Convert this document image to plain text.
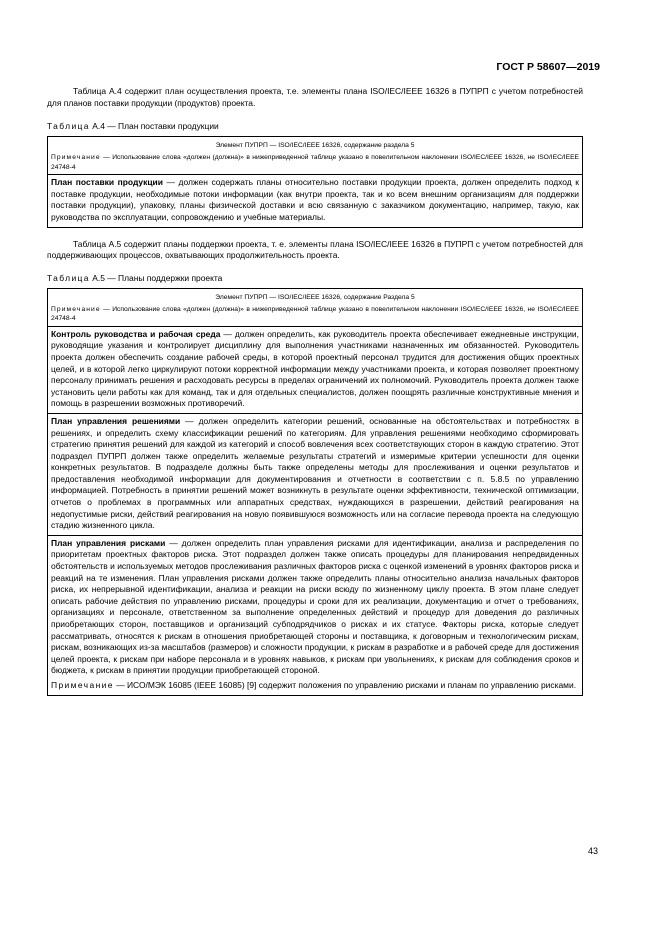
ГОСТ Р 58607—2019

Таблица A.4 содержит план осуществления проекта, т.е. элементы плана ISO/IEC/IEEE 16326 в ПУПРП с учетом потребностей для планов поставки продукции (продуктов) проекта.

Таблица A.4 — План поставки продукции

Элемент ПУПРП — ISO/IEC/IEEE 16326, содержание раздела 5
Примечание — Использование слова «должен (должна)» в нижеприведенной таблице указано в повелительном наклонении ISO/IEC/IEEE 16326, не ISO/IEC/IEEE 24748-4

План поставки продукции — должен содержать планы относительно поставки продукции проекта, должен определить подход к поставке продукции, необходимые потоки информации (как внутри проекта, так и ко всем внешним организациям для поддержки поставки продукции), упаковку, планы физической доставки и всю связанную с заказчиком документацию, например, такую, как руководства по эксплуатации, сопровождению и учебные материалы.

Таблица A.5 содержит планы поддержки проекта, т. е. элементы плана ISO/IEC/IEEE 16326 в ПУПРП с учетом потребностей для поддерживающих процессов, охватывающих продолжительность проекта.

Таблица A.5 — Планы поддержки проекта

Элемент ПУПРП — ISO/IEC/IEEE 16326, содержание Раздела 5
Примечание — Использование слова «должен (должна)» в нижеприведенной таблице указано в повелительном наклонении ISO/IEC/IEEE 16326, не ISO/IEC/IEEE 24748-4

Контроль руководства и рабочая среда — должен определить, как руководитель проекта обеспечивает ежедневные инструкции, руководящие указания и контролирует дисциплину для выполнения участниками назначенных им обязанностей. Руководитель проекта должен обеспечить создание рабочей среды, в которой проектный персонал трудится для достижения общих проектных целей, и в которой легко циркулируют потоки корректной информации между участниками проекта, и которая позволяет проектному персоналу принимать решения и расходовать ресурсы в пределах ограничений их полномочий. Руководитель проекта должен также установить цели работы как для команд, так и для отдельных специалистов, должен поощрять различные конструктивные мнения и помощь в разрешении возможных противоречий.
План управления решениями — должен определить категории решений, основанные на обстоятельствах и потребностях в решениях, и определить схему классификации решений по категориям. Для управления решениями необходимо сформировать стратегию принятия решений для каждой из категорий и способ вовлечения всех соответствующих сторон в каждую стратегию. Этот подраздел ПУПРП должен также определить желаемые результаты стратегий и измеримые критерии успешности для оценки конкретных результатов. В подразделе должны быть также определены методы для прослеживания и оценки результатов и предоставления необходимой информации для документирования и отчетности в соответствии с п. 5.8.5 по управлению информацией. Потребность в принятии решений может возникнуть в результате оценки эффективности, технической оптимизации, отчетов о проблемах в программных или аппаратных средствах, нуждающихся в разрешении, действий реагирования на недопустимые риски, действий реагирования на новую появившуюся возможность или на согласие перевода проекта на следующую стадию жизненного цикла.

План управления рисками — должен определить план управления рисками для идентификации, анализа и распределения по приоритетам проектных факторов риска. Этот подраздел должен также описать процедуры для планирования непредвиденных обстоятельств и используемых методов прослеживания различных факторов риска с оценкой изменений в уровнях факторов риска и реакций на те изменения. План управления рисками должен также определить планы относительно анализа начальных факторов риска, их непрерывной идентификации, анализа и реакции на риски всюду по жизненному циклу проекта. В этом плане следует описать рабочие действия по управлению рисками, процедуры и сроки для их реализации, документацию и отчет о требованиях, организациях и персонале, ответственном за выполнение определенных действий и процедур для доведения до различных приобретающих сторон, поставщиков и организаций субподрядчиков о рисках и их статусе. Факторы риска, которые следует рассматривать, относятся к рискам в отношения приобретающей стороны и поставщика, к договорным и технологическим рискам, рискам, возникающих из-за масштабов (размеров) и сложности продукции, к рискам в разработке и в рабочей среде для достижения целей проекта, к рискам при наборе персонала и в уровнях навыков, к рискам при увольнениях, к рискам для соблюдения сроков и бюджета, к рискам в принятии продукции приобретающей стороной.
Примечание — ИСО/МЭК 16085 (IEEE 16085) [9] содержит положения по управлению рисками и планам по управлению рисками.
43
